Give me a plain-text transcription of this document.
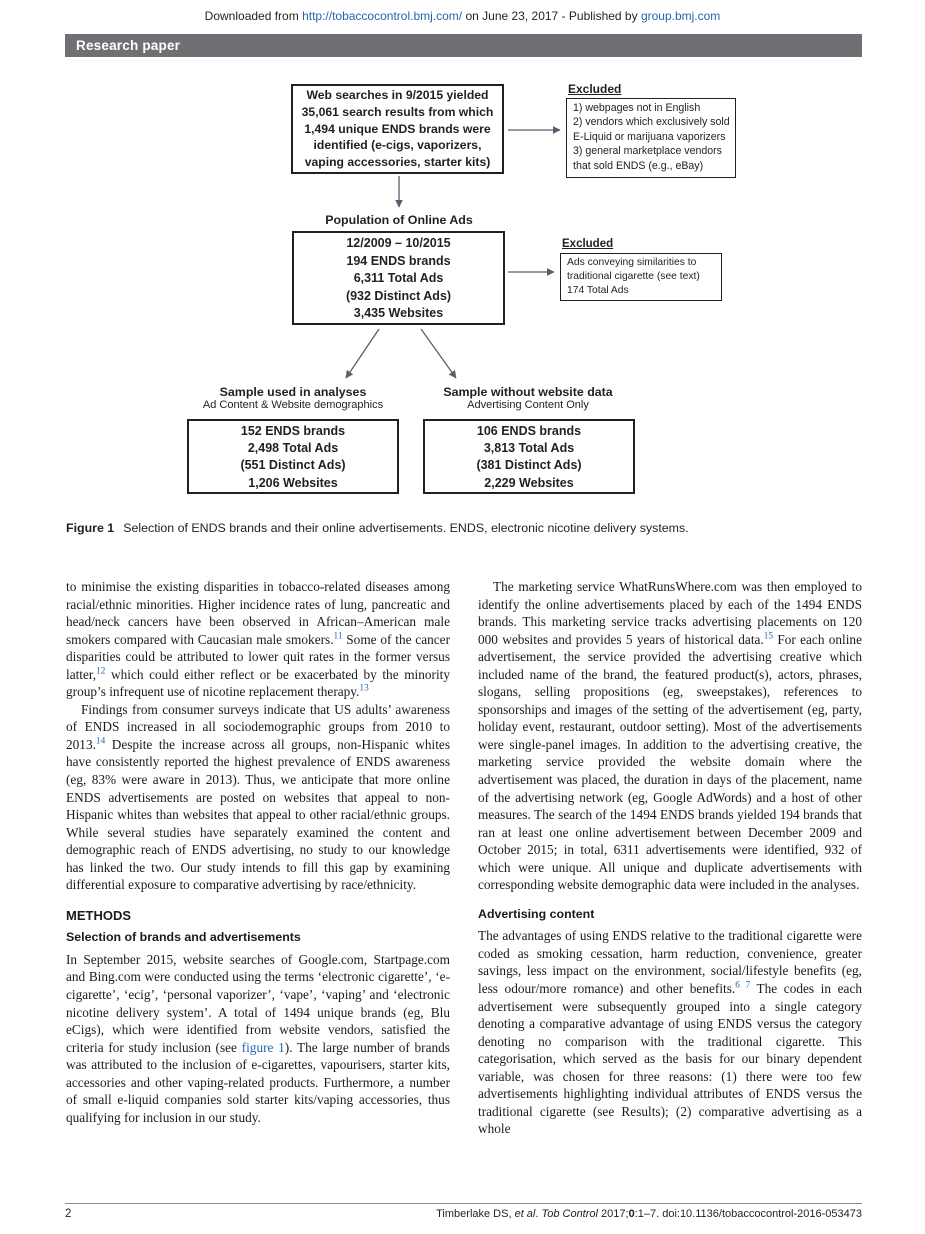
Downloaded from http://tobaccocontrol.bmj.com/ on June 23, 2017 - Published by group.bmj.com
Research paper
Web searches in 9/2015 yielded
35,061 search results from which
1,494 unique ENDS brands were
identified (e-cigs, vaporizers,
vaping accessories, starter kits)
Excluded
1) webpages not in English
2) vendors which exclusively sold
E-Liquid or marijuana vaporizers
3) general marketplace vendors
that sold ENDS (e.g., eBay)
Population of Online Ads
12/2009 – 10/2015
194 ENDS brands
6,311 Total Ads
(932 Distinct Ads)
3,435 Websites
Excluded
Ads conveying similarities to
traditional cigarette (see text)
174 Total Ads
Sample used in analyses
Ad Content & Website demographics
Sample without website data
Advertising Content Only
152 ENDS brands
2,498 Total Ads
(551 Distinct Ads)
1,206 Websites
106 ENDS brands
3,813 Total Ads
(381 Distinct Ads)
2,229 Websites
Figure 1 Selection of ENDS brands and their online advertisements. ENDS, electronic nicotine delivery systems.

to minimise the existing disparities in tobacco-related diseases among racial/ethnic minorities. Higher incidence rates of lung, pancreatic and head/neck cancers have been observed in African–American male smokers compared with Caucasian male smokers.$^{11}$ Some of the cancer disparities could be attributed to lower quit rates in the former versus latter,$^{12}$ which could either reflect or be exacerbated by the minority group’s infrequent use of nicotine replacement therapy.$^{13}$

Findings from consumer surveys indicate that US adults’ awareness of ENDS increased in all sociodemographic groups from 2010 to 2013.14 Despite the increase across all groups, non-Hispanic whites have consistently reported the highest prevalence of ENDS awareness (eg, 83% were aware in 2013). Thus, we anticipate that more online ENDS advertisements are posted on websites that appeal to non-Hispanic whites than websites that appeal to other racial/ethnic groups. While several studies have separately examined the content and demographic reach of ENDS advertising, no study to our knowledge has linked the two. Our study intends to fill this gap by examining differential exposure to comparative advertising by race/ethnicity.

METHODS
Selection of brands and advertisements

In September 2015, website searches of Google.com, Startpage.com and Bing.com were conducted using the terms ‘electronic cigarette’, ‘e-cigarette’, ‘ecig’, ‘personal vaporizer’, ‘vape’, ‘vaping’ and ‘electronic nicotine delivery system’. A total of 1494 unique brands (eg, Blu eCigs), which were identified from website vendors, satisfied the criteria for study inclusion (see figure 1). The large number of brands was attributed to the inclusion of e-cigarettes, vapourisers, starter kits, accessories and other vaping-related products. Furthermore, a number of small e-liquid companies sold starter kits/vaping accessories, thus qualifying for inclusion in our study.

The marketing service WhatRunsWhere.com was then employed to identify the online advertisements placed by each of the 1494 ENDS brands. This marketing service tracks advertising placements on 120 000 websites and provides 5 years of historical data.$^{15}$ For each online advertisement, the service provided the advertising creative which included name of the brand, the featured product(s), actors, phrases, slogans, selling propositions (eg, sweepstakes), references to sponsorships and images of the setting of the advertisement (eg, party, holiday event, restaurant, outdoor setting). Most of the advertisements were single-panel images. In addition to the advertising creative, the marketing service provided the website domain where the advertisement was placed, the duration in days of the placement, name of the advertising network (eg, Google AdWords) and a host of other measures. The search of the 1494 ENDS brands yielded 194 brands that ran at least one online advertisement between December 2009 and October 2015; in total, 6311 advertisements were identified, 932 of which were unique. All unique and duplicate advertisements with corresponding website demographic data were included in the analyses.

Advertising content

The advantages of using ENDS relative to the traditional cigarette were coded as smoking cessation, harm reduction, convenience, greater savings, less impact on the environment, social/lifestyle benefits (eg, less odour/more romance) and other benefits.$^{6 7}$ The codes in each advertisement were subsequently grouped into a single category denoting a comparative advantage of using ENDS versus the category denoting no comparison with the traditional cigarette. This categorisation, which served as the basis for our binary dependent variable, was chosen for three reasons: (1) there were too few advertisements highlighting individual attributes of ENDS versus the traditional cigarette (see Results); (2) comparative advertising as a whole

2	Timberlake DS, et al. Tob Control 2017;0:1–7. doi:10.1136/tobaccocontrol-2016-053473
